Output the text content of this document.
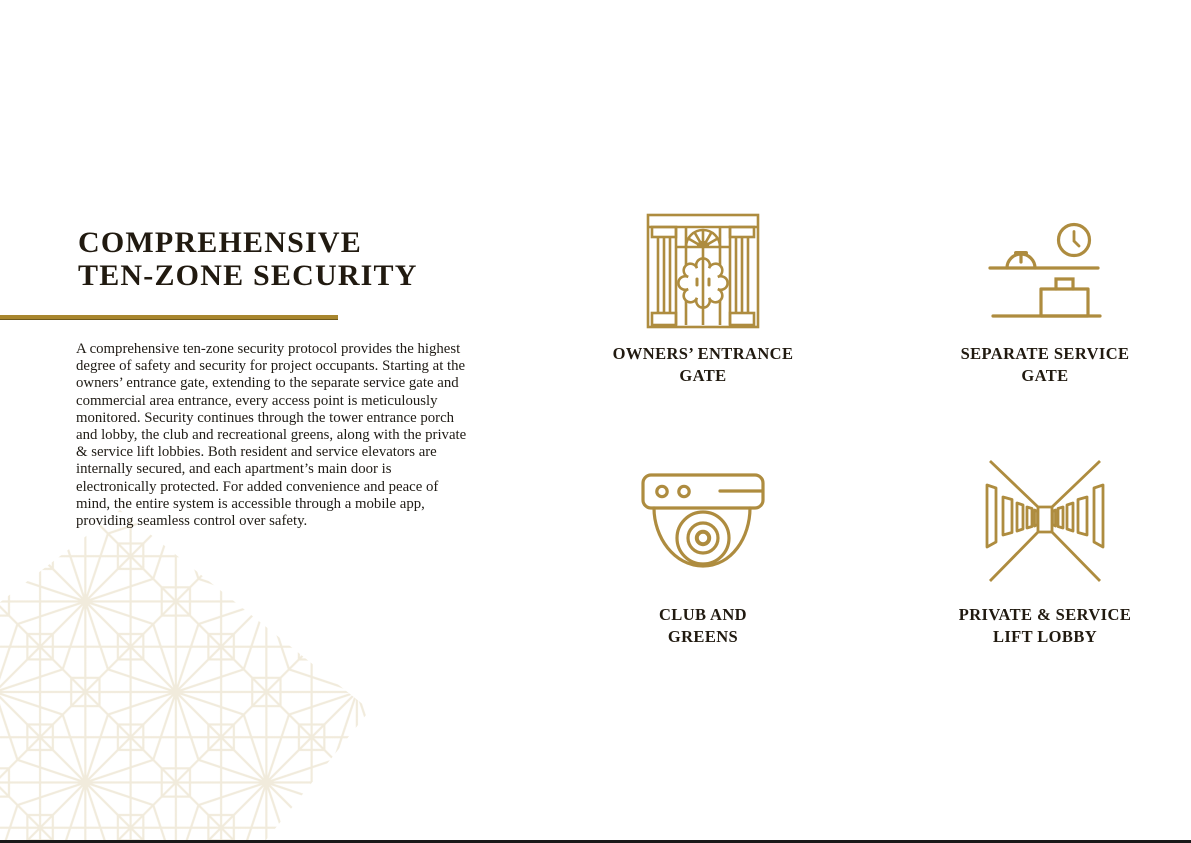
COMPREHENSIVE
TEN-ZONE SECURITY

A comprehensive ten-zone security protocol provides the highest degree of safety and security for project occupants. Starting at the owners’ entrance gate, extending to the separate service gate and commercial area entrance, every access point is meticulously monitored. Security continues through the tower entrance porch and lobby, the club and recreational greens, along with the private & service lift lobbies. Both resident and service elevators are internally secured, and each apartment’s main door is electronically protected. For added convenience and peace of mind, the entire system is accessible through a mobile app, providing seamless control over safety.

OWNERS’ ENTRANCE
GATE
SEPARATE SERVICE
GATE
CLUB AND
GREENS
PRIVATE & SERVICE
LIFT LOBBY
